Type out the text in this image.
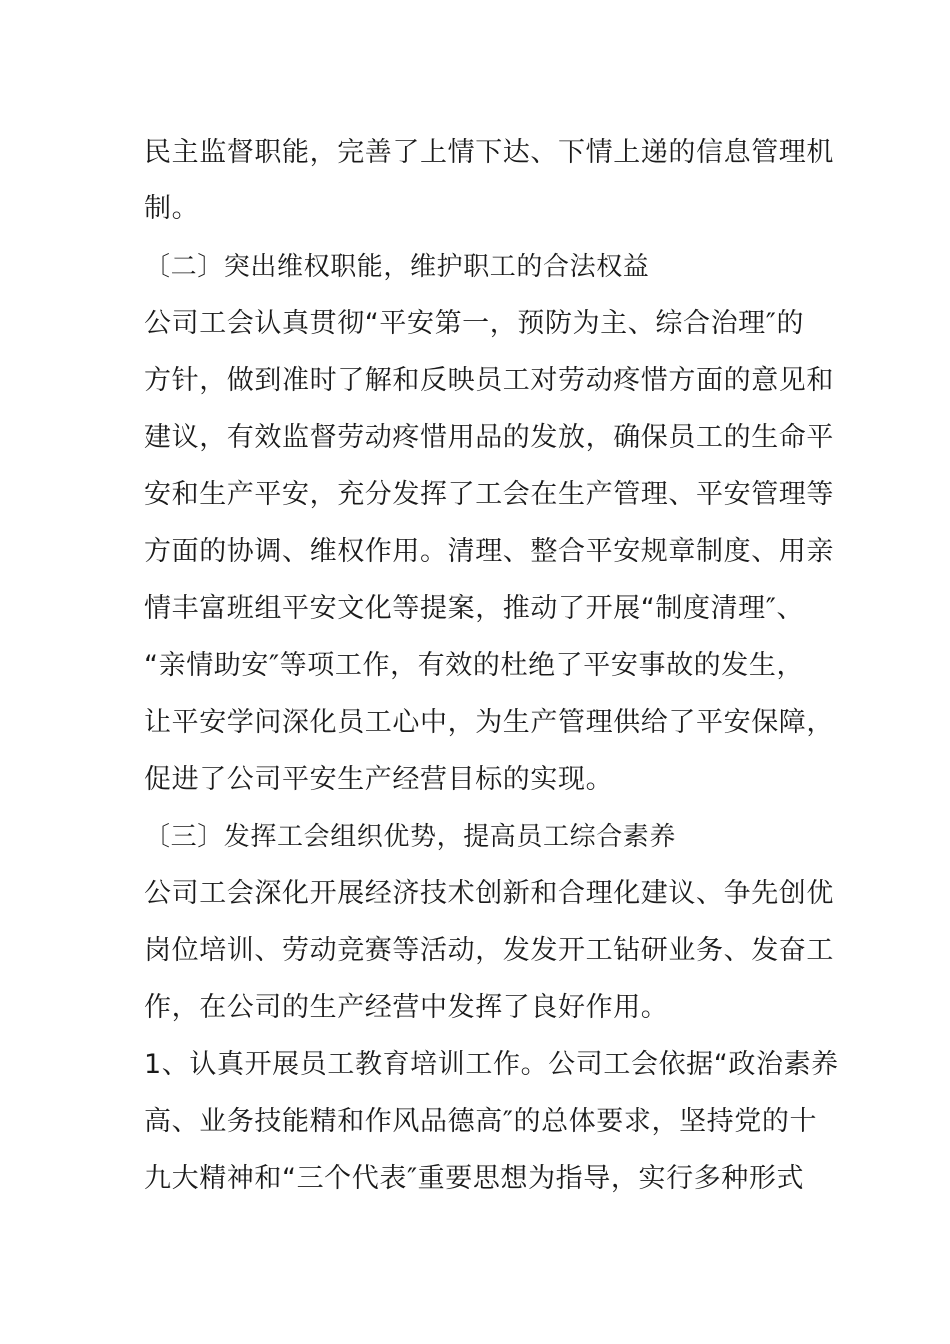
民主监督职能，完善了上情下达、下情上递的信息管理机
制。
〔二〕突出维权职能，维护职工的合法权益
公司工会认真贯彻“平安第一，预防为主、综合治理″的
方针，做到准时了解和反映员工对劳动疼惜方面的意见和
建议，有效监督劳动疼惜用品的发放，确保员工的生命平
安和生产平安，充分发挥了工会在生产管理、平安管理等
方面的协调、维权作用。清理、整合平安规章制度、用亲
情丰富班组平安文化等提案，推动了开展“制度清理″、
“亲情助安″等项工作，有效的杜绝了平安事故的发生，
让平安学问深化员工心中，为生产管理供给了平安保障，
促进了公司平安生产经营目标的实现。
〔三〕发挥工会组织优势，提高员工综合素养
公司工会深化开展经济技术创新和合理化建议、争先创优
岗位培训、劳动竞赛等活动，发发开工钻研业务、发奋工
作，在公司的生产经营中发挥了良好作用。
1、认真开展员工教育培训工作。公司工会依据“政治素养
高、业务技能精和作风品德高″的总体要求，坚持党的十
九大精神和“三个代表″重要思想为指导，实行多种形式
